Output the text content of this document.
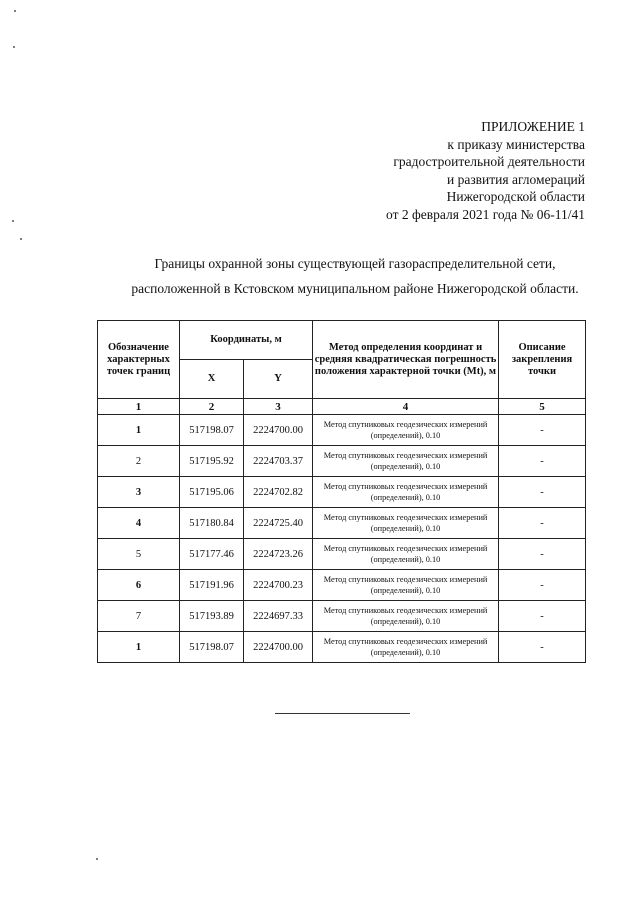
ПРИЛОЖЕНИЕ 1
к приказу министерства
градостроительной деятельности
и развития агломераций
Нижегородской области
от 2 февраля 2021 года № 06-11/41
Границы охранной зоны существующей газораспределительной сети,
расположенной в Кстовском муниципальном районе Нижегородской области.
Обозначение характерных точек границ	Координаты, м		Метод определения координат и средняя квадратическая погрешность положения характерной точки (Mt), м	Описание закрепления точки
	X	Y		
1	2	3	4	5
1	517198.07	2224700.00	Метод спутниковых геодезических измерений (определений), 0.10	-
2	517195.92	2224703.37	Метод спутниковых геодезических измерений (определений), 0.10	-
3	517195.06	2224702.82	Метод спутниковых геодезических измерений (определений), 0.10	-
4	517180.84	2224725.40	Метод спутниковых геодезических измерений (определений), 0.10	-
5	517177.46	2224723.26	Метод спутниковых геодезических измерений (определений), 0.10	-
6	517191.96	2224700.23	Метод спутниковых геодезических измерений (определений), 0.10	-
7	517193.89	2224697.33	Метод спутниковых геодезических измерений (определений), 0.10	-
1	517198.07	2224700.00	Метод спутниковых геодезических измерений (определений), 0.10	-
